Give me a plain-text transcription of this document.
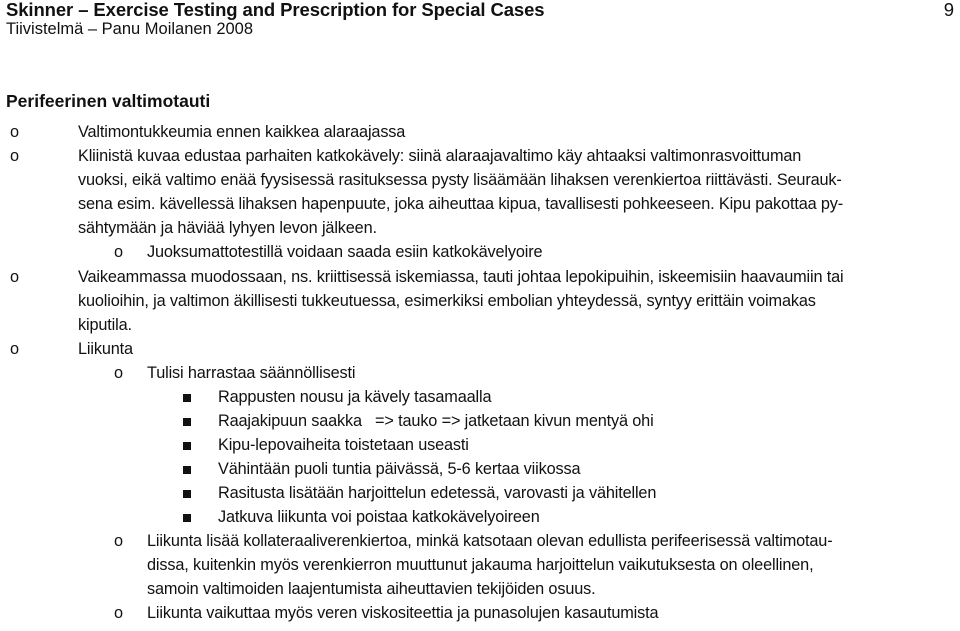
Skinner – Exercise Testing and Prescription for Special Cases
Tiivistelmä – Panu Moilanen 2008
9
Perifeerinen valtimotauti
o	Valtimontukkeumia ennen kaikkea alaraajassa
o	Kliinistä kuvaa edustaa parhaiten katkokävely: siinä alaraajavaltimo käy ahtaaksi valtimonrasvoittuman
vuoksi, eikä valtimo enää fyysisessä rasituksessa pysty lisäämään lihaksen verenkiertoa riittävästi. Seurauk-
sena esim. kävellessä lihaksen hapenpuute, joka aiheuttaa kipua, tavallisesti pohkeeseen. Kipu pakottaa py-
sähtymään ja häviää lyhyen levon jälkeen.
o Juoksumattotestillä voidaan saada esiin katkokävelyoire
o	Vaikeammassa muodossaan, ns. kriittisessä iskemiassa, tauti johtaa lepokipuihin, iskeemisiin haavaumiin tai
kuolioihin, ja valtimon äkillisesti tukkeutuessa, esimerkiksi embolian yhteydessä, syntyy erittäin voimakas
kiputila.
o	Liikunta
o Tulisi harrastaa säännöllisesti
Rappusten nousu ja kävely tasamaalla
Raajakipuun saakka   => tauko => jatketaan kivun mentyä ohi
Kipu-lepovaiheita toistetaan useasti
Vähintään puoli tuntia päivässä, 5-6 kertaa viikossa
Rasitusta lisätään harjoittelun edetessä, varovasti ja vähitellen
Jatkuva liikunta voi poistaa katkokävelyoireen
o Liikunta lisää kollateraaliverenkiertoa, minkä katsotaan olevan edullista perifeerisessä valtimotau-
dissa, kuitenkin myös verenkierron muuttunut jakauma harjoittelun vaikutuksesta on oleellinen,
samoin valtimoiden laajentumista aiheuttavien tekijöiden osuus.
o Liikunta vaikuttaa myös veren viskositeettia ja punasolujen kasautumista
